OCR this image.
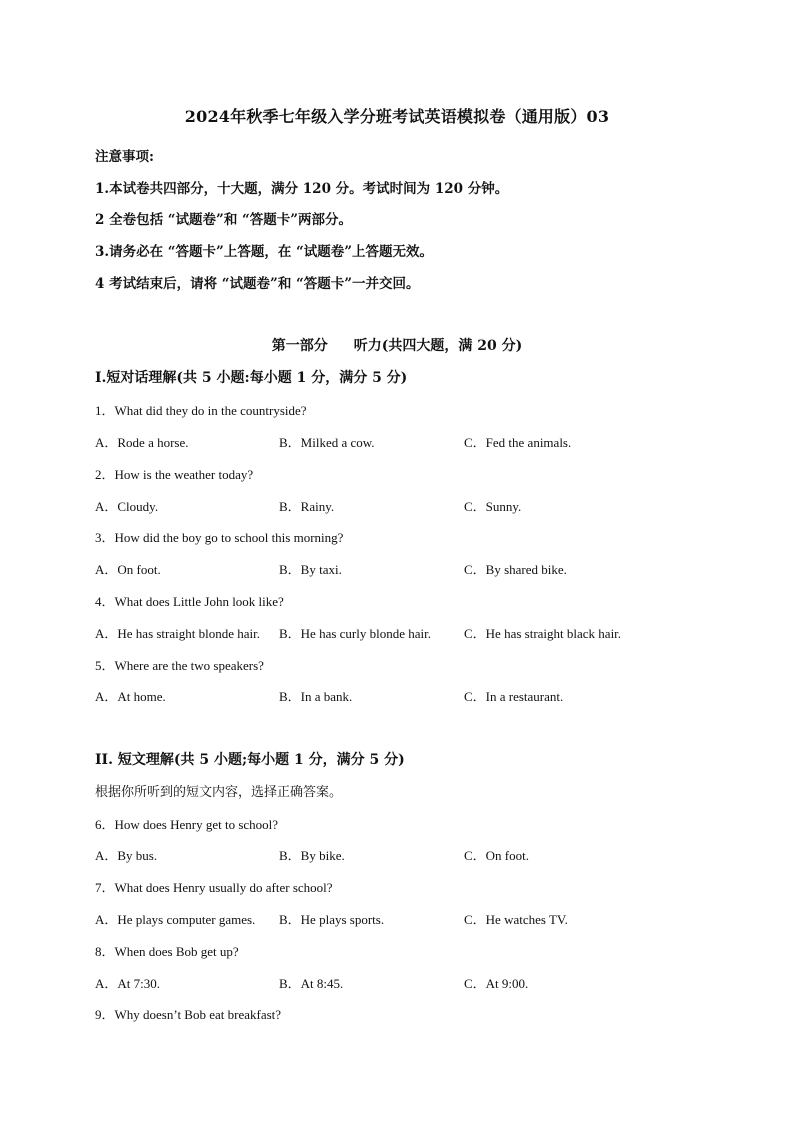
2024年秋季七年级入学分班考试英语模拟卷（通用版）03
注意事项:
1.本试卷共四部分，十大题，满分 120 分。考试时间为 120 分钟。
2 全卷包括 “试题卷”和 “答题卡”两部分。
3.请务必在 “答题卡”上答题，在 “试题卷”上答题无效。
4 考试结束后，请将 “试题卷”和 “答题卡”一并交回。
第一部分 听力(共四大题，满 20 分)
Ⅰ.短对话理解(共 5 小题:每小题 1 分，满分 5 分)
1．What did they do in the countryside?
A．Rode a horse.	B．Milked a cow.	C．Fed the animals.
2．How is the weather today?
A．Cloudy.	B．Rainy.	C．Sunny.
3．How did the boy go to school this morning?
A．On foot.	B．By taxi.	C．By shared bike.
4．What does Little John look like?
A．He has straight blonde hair. B．He has curly blonde hair.	C．He has straight black hair.
5．Where are the two speakers?
A．At home.	B．In a bank.	C．In a restaurant.
II. 短文理解(共 5 小题;每小题 1 分，满分 5 分)
根据你所听到的短文内容，选择正确答案。
6．How does Henry get to school?
A．By bus.	B．By bike.	C．On foot.
7．What does Henry usually do after school?
A．He plays computer games. B．He plays sports.	C．He watches TV.
8．When does Bob get up?
A．At 7:30.	B．At 8:45.	C．At 9:00.
9．Why doesn’t Bob eat breakfast?
